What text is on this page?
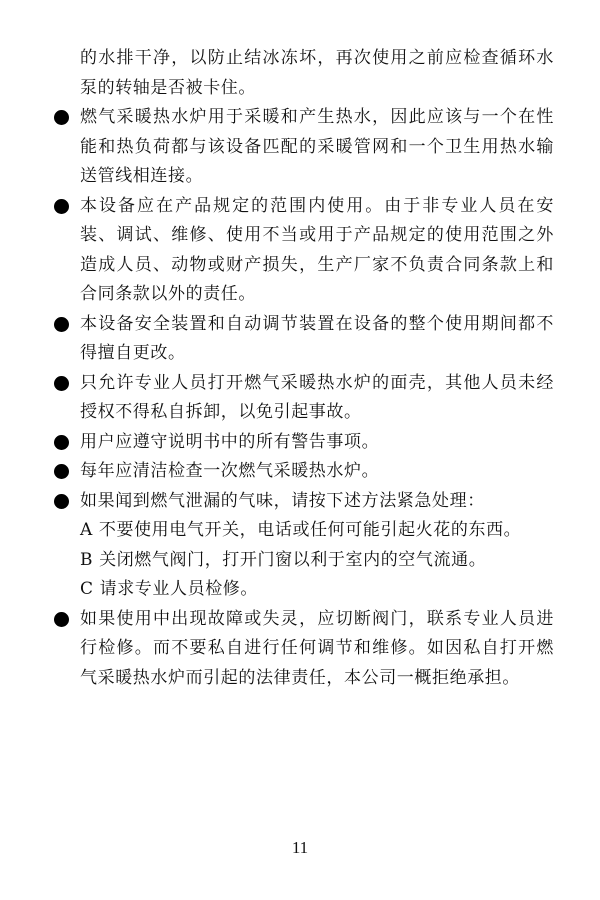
的水排干净，以防止结冰冻坏，再次使用之前应检查循环水泵的转轴是否被卡住。

燃气采暖热水炉用于采暖和产生热水，因此应该与一个在性能和热负荷都与该设备匹配的采暖管网和一个卫生用热水输送管线相连接。

本设备应在产品规定的范围内使用。由于非专业人员在安装、调试、维修、使用不当或用于产品规定的使用范围之外造成人员、动物或财产损失，生产厂家不负责合同条款上和合同条款以外的责任。

本设备安全装置和自动调节装置在设备的整个使用期间都不得擅自更改。

只允许专业人员打开燃气采暖热水炉的面壳，其他人员未经授权不得私自拆卸，以免引起事故。

用户应遵守说明书中的所有警告事项。

每年应清洁检查一次燃气采暖热水炉。

如果闻到燃气泄漏的气味，请按下述方法紧急处理：

A 不要使用电气开关，电话或任何可能引起火花的东西。

B 关闭燃气阀门，打开门窗以利于室内的空气流通。

C 请求专业人员检修。

如果使用中出现故障或失灵，应切断阀门，联系专业人员进行检修。而不要私自进行任何调节和维修。如因私自打开燃气采暖热水炉而引起的法律责任，本公司一概拒绝承担。

11
